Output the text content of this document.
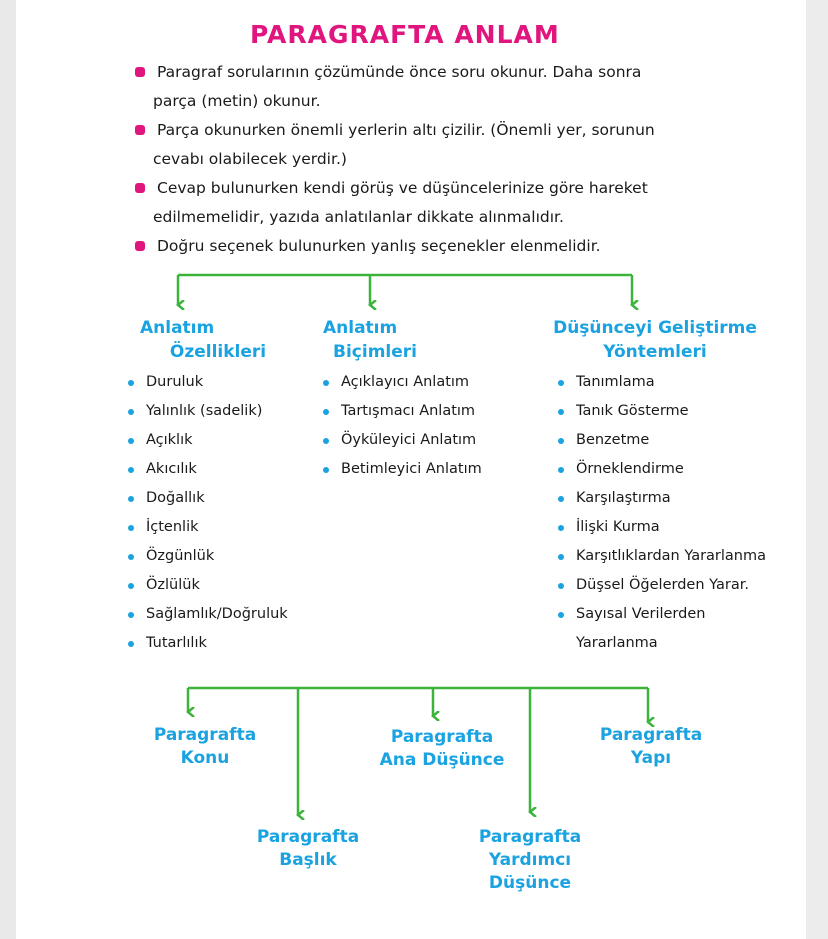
PARAGRAFTA ANLAM
Paragraf sorularının çözümünde önce soru okunur. Daha sonra
parça (metin) okunur.
Parça okunurken önemli yerlerin altı çizilir. (Önemli yer, sorunun
cevabı olabilecek yerdir.)
Cevap bulunurken kendi görüş ve düşüncelerinize göre hareket
edilmemelidir, yazıda anlatılanlar dikkate alınmalıdır.
Doğru seçenek bulunurken yanlış seçenekler elenmelidir.
Anlatım
Özellikleri
Anlatım
Biçimleri
Düşünceyi Geliştirme
Yöntemleri
Duruluk
Yalınlık (sadelik)
Açıklık
Akıcılık
Doğallık
İçtenlik
Özgünlük
Özlülük
Sağlamlık/Doğruluk
Tutarlılık
Açıklayıcı Anlatım
Tartışmacı Anlatım
Öyküleyici Anlatım
Betimleyici Anlatım
Tanımlama
Tanık Gösterme
Benzetme
Örneklendirme
Karşılaştırma
İlişki Kurma
Karşıtlıklardan Yararlanma
Düşsel Öğelerden Yarar.
Sayısal Verilerden
Yararlanma
Paragrafta
Konu
Paragrafta
Başlık
Paragrafta
Ana Düşünce
Paragrafta
Yardımcı
Düşünce
Paragrafta
Yapı
